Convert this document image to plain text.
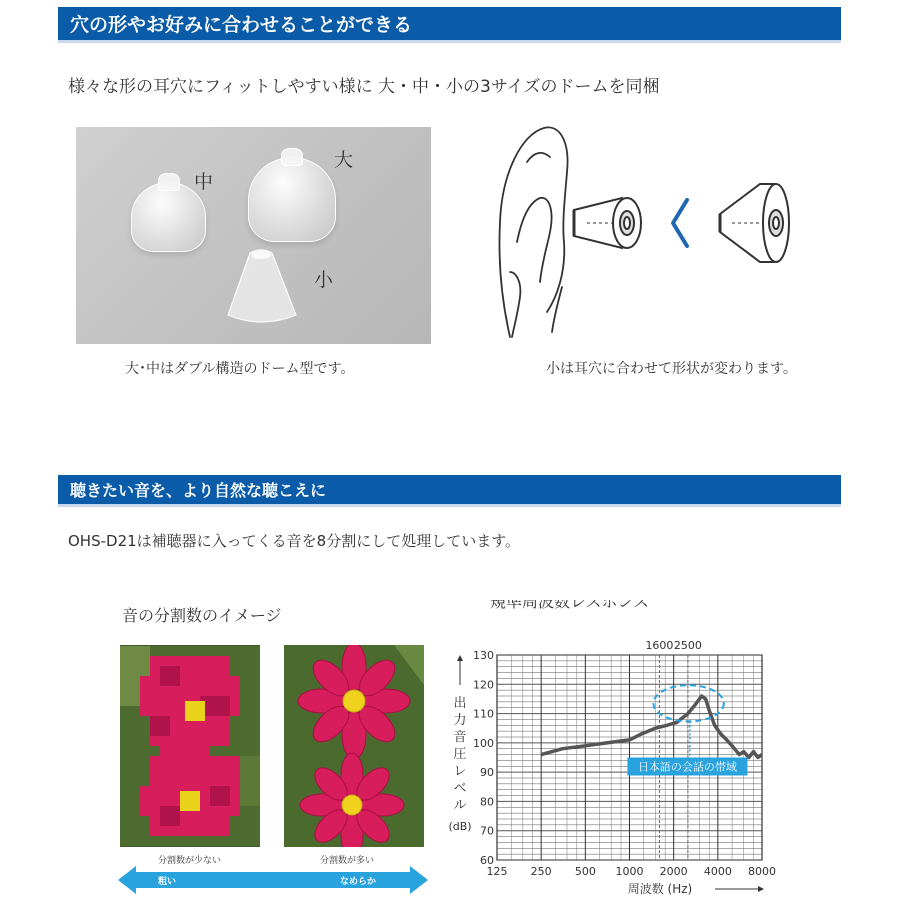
穴の形やお好みに合わせることができる
様々な形の耳穴にフィットしやすい様に 大・中・小の3サイズのドームを同梱
中
大
小
大･中はダブル構造のドーム型です。	小は耳穴に合わせて形状が変わります。
聴きたい音を、より自然な聴こえに
OHS-D21は補聴器に入ってくる音を8分割にして処理しています。
音の分割数のイメージ
分割数が少ない	分割数が多い
粗い	なめらか
規準周波数レスポンス
1600 2500
125 250 500 1000 2000 4000 8000
60
70
80
90
100
110
120
130
周波数 (Hz)
日本語の会話の帯域
出
力
音
圧
レ
ベ
ル
(dB)
